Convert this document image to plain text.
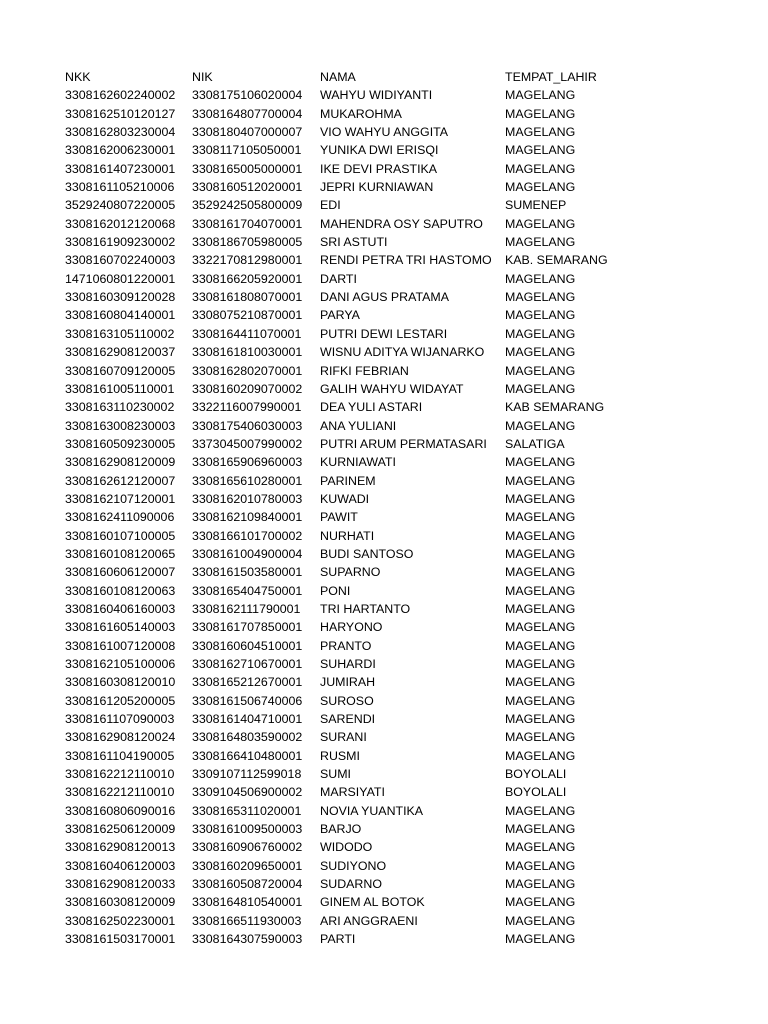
NKK	NIK	NAMA	TEMPAT_LAHIR
3308162602240002	3308175106020004	WAHYU WIDIYANTI	MAGELANG
3308162510120127	3308164807700004	MUKAROHMA	MAGELANG
3308162803230004	3308180407000007	VIO WAHYU ANGGITA	MAGELANG
3308162006230001	3308117105050001	YUNIKA DWI ERISQI	MAGELANG
3308161407230001	3308165005000001	IKE DEVI PRASTIKA	MAGELANG
3308161105210006	3308160512020001	JEPRI KURNIAWAN	MAGELANG
3529240807220005	3529242505800009	EDI	SUMENEP
3308162012120068	3308161704070001	MAHENDRA OSY SAPUTRO	MAGELANG
3308161909230002	3308186705980005	SRI ASTUTI	MAGELANG
3308160702240003	3322170812980001	RENDI PETRA TRI HASTOMO	KAB. SEMARANG
1471060801220001	3308166205920001	DARTI	MAGELANG
3308160309120028	3308161808070001	DANI AGUS PRATAMA	MAGELANG
3308160804140001	3308075210870001	PARYA	MAGELANG
3308163105110002	3308164411070001	PUTRI DEWI LESTARI	MAGELANG
3308162908120037	3308161810030001	WISNU ADITYA WIJANARKO	MAGELANG
3308160709120005	3308162802070001	RIFKI FEBRIAN	MAGELANG
3308161005110001	3308160209070002	GALIH WAHYU WIDAYAT	MAGELANG
3308163110230002	3322116007990001	DEA YULI ASTARI	KAB SEMARANG
3308163008230003	3308175406030003	ANA YULIANI	MAGELANG
3308160509230005	3373045007990002	PUTRI ARUM PERMATASARI	SALATIGA
3308162908120009	3308165906960003	KURNIAWATI	MAGELANG
3308162612120007	3308165610280001	PARINEM	MAGELANG
3308162107120001	3308162010780003	KUWADI	MAGELANG
3308162411090006	3308162109840001	PAWIT	MAGELANG
3308160107100005	3308166101700002	NURHATI	MAGELANG
3308160108120065	3308161004900004	BUDI SANTOSO	MAGELANG
3308160606120007	3308161503580001	SUPARNO	MAGELANG
3308160108120063	3308165404750001	PONI	MAGELANG
3308160406160003	3308162111790001	TRI HARTANTO	MAGELANG
3308161605140003	3308161707850001	HARYONO	MAGELANG
3308161007120008	3308160604510001	PRANTO	MAGELANG
3308162105100006	3308162710670001	SUHARDI	MAGELANG
3308160308120010	3308165212670001	JUMIRAH	MAGELANG
3308161205200005	3308161506740006	SUROSO	MAGELANG
3308161107090003	3308161404710001	SARENDI	MAGELANG
3308162908120024	3308164803590002	SURANI	MAGELANG
3308161104190005	3308166410480001	RUSMI	MAGELANG
3308162212110010	3309107112599018	SUMI	BOYOLALI
3308162212110010	3309104506900002	MARSIYATI	BOYOLALI
3308160806090016	3308165311020001	NOVIA YUANTIKA	MAGELANG
3308162506120009	3308161009500003	BARJO	MAGELANG
3308162908120013	3308160906760002	WIDODO	MAGELANG
3308160406120003	3308160209650001	SUDIYONO	MAGELANG
3308162908120033	3308160508720004	SUDARNO	MAGELANG
3308160308120009	3308164810540001	GINEM AL BOTOK	MAGELANG
3308162502230001	3308166511930003	ARI ANGGRAENI	MAGELANG
3308161503170001	3308164307590003	PARTI	MAGELANG
